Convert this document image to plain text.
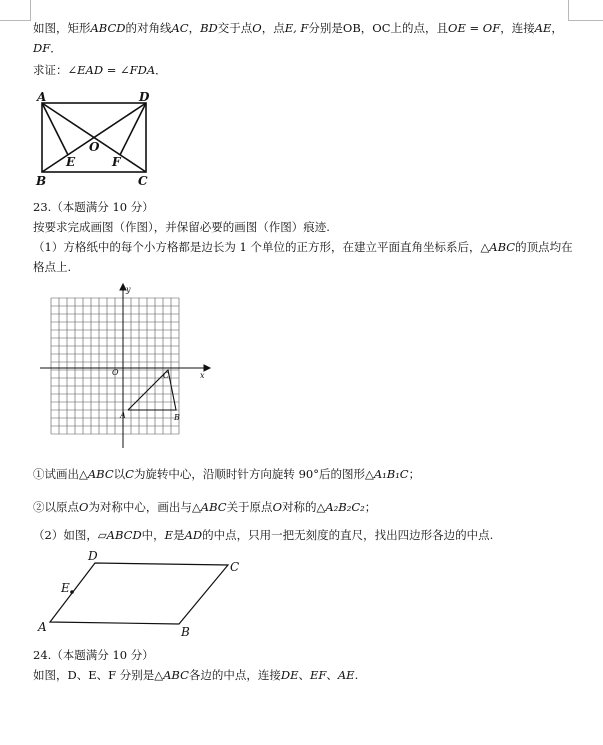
如图，矩形ABCD的对角线AC，BD交于点O，点E, F分别是OB，OC上的点，且OE = OF，连接AE，
DF．
求证：∠EAD = ∠FDA．
A	D
B	C
O
E	F
23.（本题满分 10 分）
按要求完成画图（作图），并保留必要的画图（作图）痕迹.
（1）方格纸中的每个小方格都是边长为 1 个单位的正方形，在建立平面直角坐标系后，△ABC的顶点均在
格点上.
y
x
O
A	B
C
①试画出△ABC以C为旋转中心，沿顺时针方向旋转 90°后的图形△A₁B₁C；
②以原点O为对称中心，画出与△ABC关于原点O对称的△A₂B₂C₂；
（2）如图，▱ABCD中，E是AD的中点，只用一把无刻度的直尺，找出四边形各边的中点.
D
C
E
A	B
24.（本题满分 10 分）
如图，D、E、F 分别是△ABC各边的中点，连接DE、EF、AE.
